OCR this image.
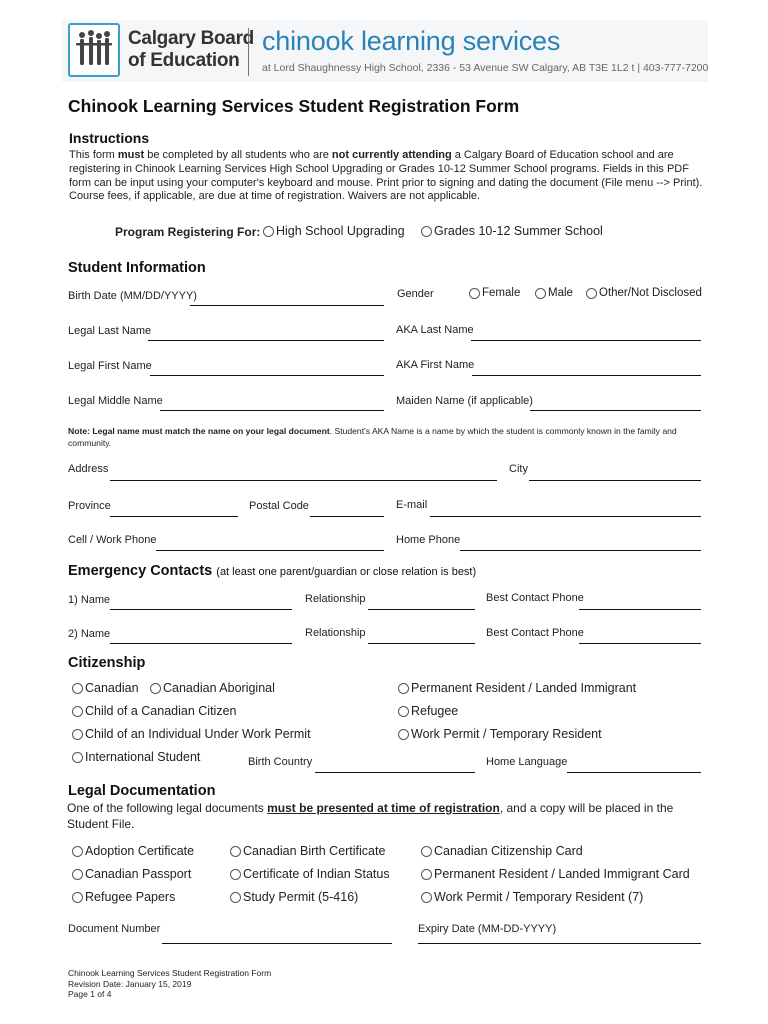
Calgary Board
of Education
chinook learning services
at Lord Shaughnessy High School, 2336 - 53 Avenue SW Calgary, AB T3E 1L2 t | 403-777-7200
Chinook Learning Services Student Registration Form
Instructions
This form must be completed by all students who are not currently attending a Calgary Board of Education school and are registering in Chinook Learning Services High School Upgrading or Grades 10-12 Summer School programs. Fields in this PDF form can be input using your computer's keyboard and mouse. Print prior to signing and dating the document (File menu --> Print). Course fees, if applicable, are due at time of registration. Waivers are not applicable.
Program Registering For: High School Upgrading Grades 10-12 Summer School
Student Information
Birth Date (MM/DD/YYYY)	Gender	Female Male Other/Not Disclosed
Legal Last Name	AKA Last Name
Legal First Name	AKA First Name
Legal Middle Name	Maiden Name (if applicable)
Note: Legal name must match the name on your legal document. Student's AKA Name is a name by which the student is commonly known in the family and community.
Address	City
Province	Postal Code	E-mail
Cell / Work Phone	Home Phone
Emergency Contacts (at least one parent/guardian or close relation is best)
1) Name	Relationship	Best Contact Phone
2) Name	Relationship	Best Contact Phone
Citizenship
Canadian Canadian Aboriginal	Permanent Resident / Landed Immigrant
Child of a Canadian Citizen	Refugee
Child of an Individual Under Work Permit	Work Permit / Temporary Resident
International Student	Birth Country	Home Language
Legal Documentation
One of the following legal documents must be presented at time of registration, and a copy will be placed in the Student File.
Adoption Certificate	Canadian Birth Certificate	Canadian Citizenship Card
Canadian Passport	Certificate of Indian Status	Permanent Resident / Landed Immigrant Card
Refugee Papers	Study Permit (5-416)	Work Permit / Temporary Resident (7)
Document Number	Expiry Date (MM-DD-YYYY)
Chinook Learning Services Student Registration Form
Revision Date: January 15, 2019
Page 1 of 4
